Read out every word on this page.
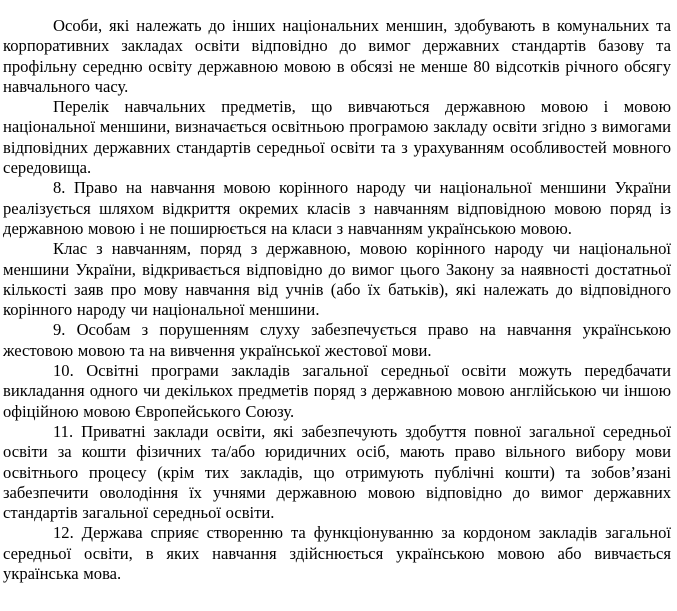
Особи, які належать до інших національних меншин, здобувають в комунальних та корпоративних закладах освіти відповідно до вимог державних стандартів базову та профільну середню освіту державною мовою в обсязі не менше 80 відсотків річного обсягу навчального часу.

Перелік навчальних предметів, що вивчаються державною мовою і мовою національної меншини, визначається освітньою програмою закладу освіти згідно з вимогами відповідних державних стандартів середньої освіти та з урахуванням особливостей мовного середовища.

8. Право на навчання мовою корінного народу чи національної меншини України реалізується шляхом відкриття окремих класів з навчанням відповідною мовою поряд із державною мовою і не поширюється на класи з навчанням українською мовою.

Клас з навчанням, поряд з державною, мовою корінного народу чи національної меншини України, відкривається відповідно до вимог цього Закону за наявності достатньої кількості заяв про мову навчання від учнів (або їх батьків), які належать до відповідного корінного народу чи національної меншини.

9. Особам з порушенням слуху забезпечується право на навчання українською жестовою мовою та на вивчення української жестової мови.

10. Освітні програми закладів загальної середньої освіти можуть передбачати викладання одного чи декількох предметів поряд з державною мовою англійською чи іншою офіційною мовою Європейського Союзу.

11. Приватні заклади освіти, які забезпечують здобуття повної загальної середньої освіти за кошти фізичних та/або юридичних осіб, мають право вільного вибору мови освітнього процесу (крім тих закладів, що отримують публічні кошти) та зобов’язані забезпечити оволодіння їх учнями державною мовою відповідно до вимог державних стандартів загальної середньої освіти.

12. Держава сприяє створенню та функціонуванню за кордоном закладів загальної середньої освіти, в яких навчання здійснюється українською мовою або вивчається українська мова.
